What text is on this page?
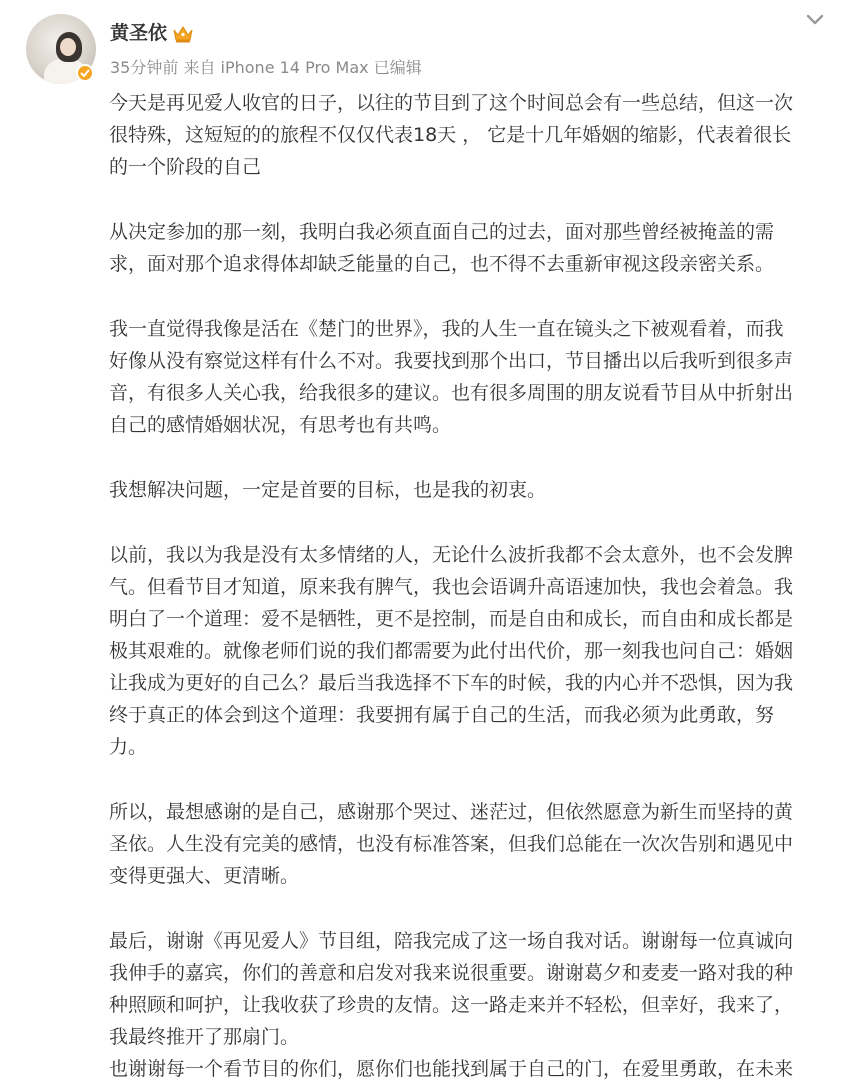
黄圣依
35分钟前 来自 iPhone 14 Pro Max 已编辑

今天是再见爱人收官的日子，以往的节目到了这个时间总会有一些总结，但这一次
很特殊，这短短的的旅程不仅仅代表18天 ， 它是十几年婚姻的缩影，代表着很长
的一个阶段的自己

从决定参加的那一刻，我明白我必须直面自己的过去，面对那些曾经被掩盖的需
求，面对那个追求得体却缺乏能量的自己，也不得不去重新审视这段亲密关系。

我一直觉得我像是活在《楚门的世界》，我的人生一直在镜头之下被观看着，而我
好像从没有察觉这样有什么不对。我要找到那个出口，节目播出以后我听到很多声
音，有很多人关心我，给我很多的建议。也有很多周围的朋友说看节目从中折射出
自己的感情婚姻状况，有思考也有共鸣。

我想解决问题，一定是首要的目标，也是我的初衷。

以前，我以为我是没有太多情绪的人，无论什么波折我都不会太意外，也不会发脾
气。但看节目才知道，原来我有脾气，我也会语调升高语速加快，我也会着急。我
明白了一个道理：爱不是牺牲，更不是控制，而是自由和成长，而自由和成长都是
极其艰难的。就像老师们说的我们都需要为此付出代价，那一刻我也问自己：婚姻
让我成为更好的自己么？最后当我选择不下车的时候，我的内心并不恐惧，因为我
终于真正的体会到这个道理：我要拥有属于自己的生活，而我必须为此勇敢，努
力。

所以，最想感谢的是自己，感谢那个哭过、迷茫过，但依然愿意为新生而坚持的黄
圣依。人生没有完美的感情，也没有标准答案，但我们总能在一次次告别和遇见中
变得更强大、更清晰。

最后，谢谢《再见爱人》节目组，陪我完成了这一场自我对话。谢谢每一位真诚向
我伸手的嘉宾，你们的善意和启发对我来说很重要。谢谢葛夕和麦麦一路对我的种
种照顾和呵护，让我收获了珍贵的友情。这一路走来并不轻松，但幸好，我来了，
我最终推开了那扇门。

也谢谢每一个看节目的你们，愿你们也能找到属于自己的门，在爱里勇敢，在未来
